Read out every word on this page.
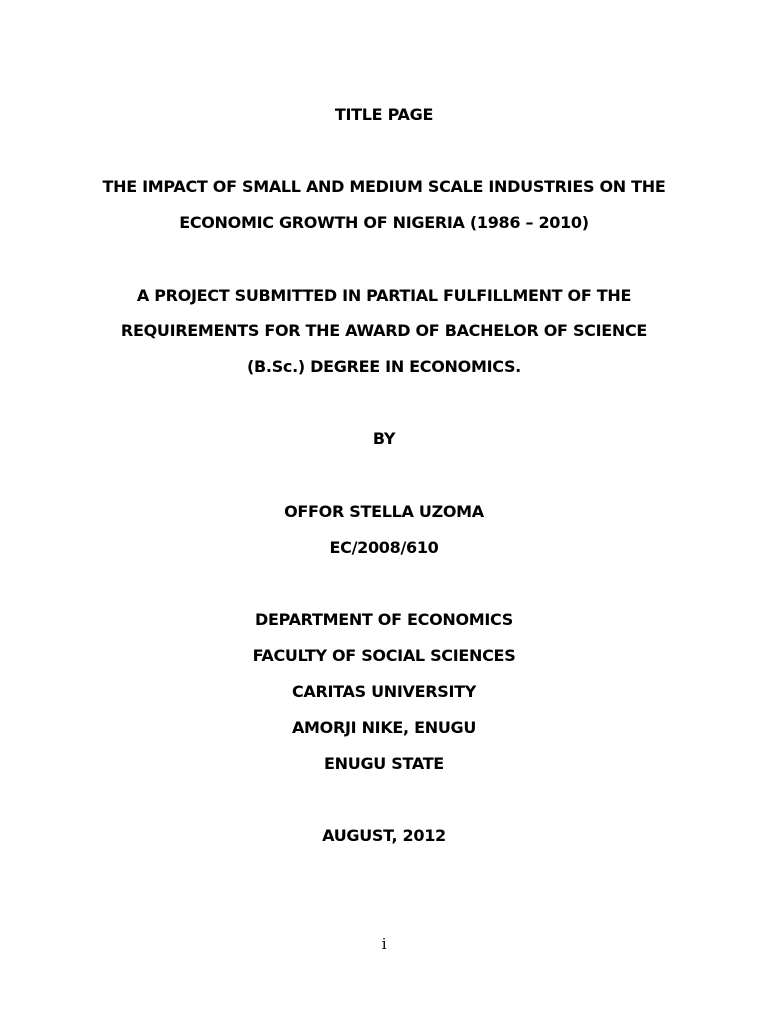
TITLE PAGE
THE IMPACT OF SMALL AND MEDIUM SCALE INDUSTRIES ON THE
ECONOMIC GROWTH OF NIGERIA (1986 – 2010)
A PROJECT SUBMITTED IN PARTIAL FULFILLMENT OF THE
REQUIREMENTS FOR THE AWARD OF BACHELOR OF SCIENCE
(B.Sc.) DEGREE IN ECONOMICS.
BY
OFFOR STELLA UZOMA
EC/2008/610
DEPARTMENT OF ECONOMICS
FACULTY OF SOCIAL SCIENCES
CARITAS UNIVERSITY
AMORJI NIKE, ENUGU
ENUGU STATE
AUGUST, 2012
i
